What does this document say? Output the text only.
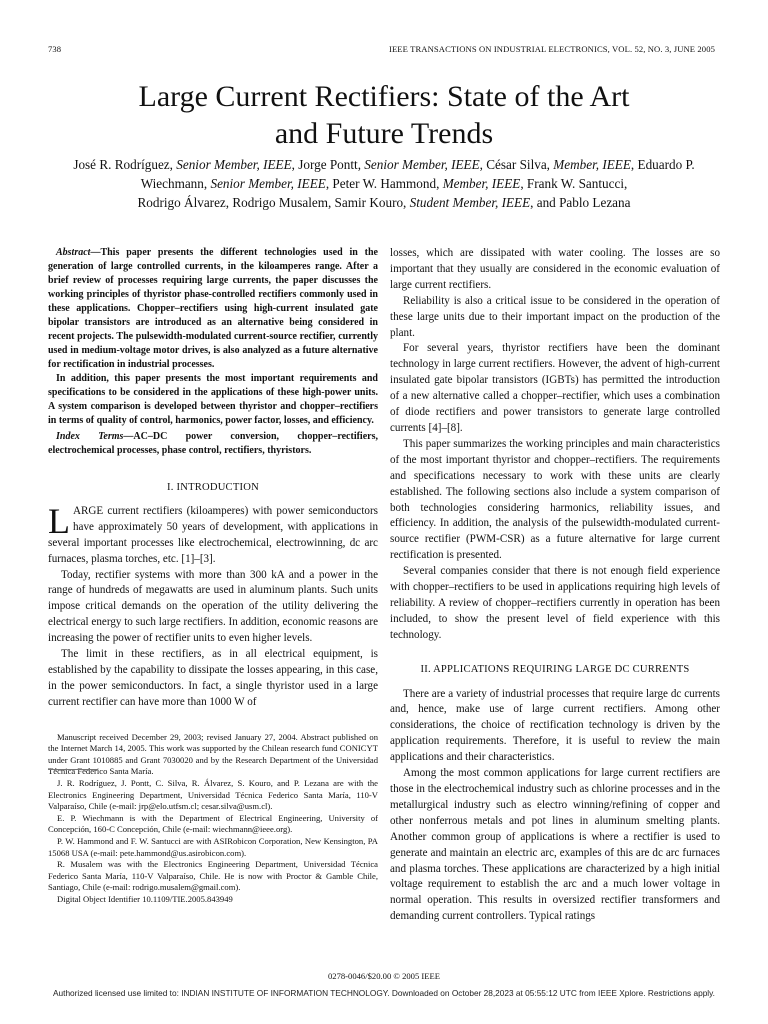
738	IEEE TRANSACTIONS ON INDUSTRIAL ELECTRONICS, VOL. 52, NO. 3, JUNE 2005
Large Current Rectifiers: State of the Art
and Future Trends
José R. Rodríguez, Senior Member, IEEE, Jorge Pontt, Senior Member, IEEE, César Silva, Member, IEEE, Eduardo P. Wiechmann, Senior Member, IEEE, Peter W. Hammond, Member, IEEE, Frank W. Santucci,
Rodrigo Álvarez, Rodrigo Musalem, Samir Kouro, Student Member, IEEE, and Pablo Lezana

Abstract—This paper presents the different technologies used in the generation of large controlled currents, in the kiloamperes range. After a brief review of processes requiring large currents, the paper discusses the working principles of thyristor phase-controlled rectifiers commonly used in these applications. Chopper–rectifiers using high-current insulated gate bipolar transistors are introduced as an alternative being considered in recent projects. The pulsewidth-modulated current-source rectifier, currently used in medium-voltage motor drives, is also analyzed as a future alternative for rectification in industrial processes.

In addition, this paper presents the most important requirements and specifications to be considered in the applications of these high-power units. A system comparison is developed between thyristor and chopper–rectifiers in terms of quality of control, harmonics, power factor, losses, and efficiency.

Index Terms—AC–DC power conversion, chopper–rectifiers, electrochemical processes, phase control, rectifiers, thyristors.

I. INTRODUCTION

LARGE current rectifiers (kiloamperes) with power semiconductors have approximately 50 years of development, with applications in several important processes like electrochemical, electrowinning, dc arc furnaces, plasma torches, etc. [1]–[3].

Today, rectifier systems with more than 300 kA and a power in the range of hundreds of megawatts are used in aluminum plants. Such units impose critical demands on the operation of the utility delivering the electrical energy to such large rectifiers. In addition, economic reasons are increasing the power of rectifier units to even higher levels.

The limit in these rectifiers, as in all electrical equipment, is established by the capability to dissipate the losses appearing, in this case, in the power semiconductors. In fact, a single thyristor used in a large current rectifier can have more than 1000 W of

Manuscript received December 29, 2003; revised January 27, 2004. Abstract published on the Internet March 14, 2005. This work was supported by the Chilean research fund CONICYT under Grant 1010885 and Grant 7030020 and by the Research Department of the Universidad Técnica Federico Santa María.

J. R. Rodríguez, J. Pontt, C. Silva, R. Álvarez, S. Kouro, and P. Lezana are with the Electronics Engineering Department, Universidad Técnica Federico Santa María, 110-V Valparaíso, Chile (e-mail: jrp@elo.utfsm.cl; cesar.silva@usm.cl).

E. P. Wiechmann is with the Department of Electrical Engineering, University of Concepción, 160-C Concepción, Chile (e-mail: wiechmann@ieee.org).

P. W. Hammond and F. W. Santucci are with ASIRobicon Corporation, New Kensington, PA 15068 USA (e-mail: pete.hammond@us.asirobicon.com).

R. Musalem was with the Electronics Engineering Department, Universidad Técnica Federico Santa María, 110-V Valparaíso, Chile. He is now with Proctor & Gamble Chile, Santiago, Chile (e-mail: rodrigo.musalem@gmail.com).

Digital Object Identifier 10.1109/TIE.2005.843949

losses, which are dissipated with water cooling. The losses are so important that they usually are considered in the economic evaluation of large current rectifiers.

Reliability is also a critical issue to be considered in the operation of these large units due to their important impact on the production of the plant.

For several years, thyristor rectifiers have been the dominant technology in large current rectifiers. However, the advent of high-current insulated gate bipolar transistors (IGBTs) has permitted the introduction of a new alternative called a chopper–rectifier, which uses a combination of diode rectifiers and power transistors to generate large controlled currents [4]–[8].

This paper summarizes the working principles and main characteristics of the most important thyristor and chopper–rectifiers. The requirements and specifications necessary to work with these units are clearly established. The following sections also include a system comparison of both technologies considering harmonics, reliability issues, and efficiency. In addition, the analysis of the pulsewidth-modulated current-source rectifier (PWM-CSR) as a future alternative for large current rectification is presented.

Several companies consider that there is not enough field experience with chopper–rectifiers to be used in applications requiring high levels of reliability. A review of chopper–rectifiers currently in operation has been included, to show the present level of field experience with this technology.

II. APPLICATIONS REQUIRING LARGE DC CURRENTS

There are a variety of industrial processes that require large dc currents and, hence, make use of large current rectifiers. Among other considerations, the choice of rectification technology is driven by the application requirements. Therefore, it is useful to review the main applications and their characteristics.

Among the most common applications for large current rectifiers are those in the electrochemical industry such as chlorine processes and in the metallurgical industry such as electro winning/refining of copper and other nonferrous metals and pot lines in aluminum smelting plants. Another common group of applications is where a rectifier is used to generate and maintain an electric arc, examples of this are dc arc furnaces and plasma torches. These applications are characterized by a high initial voltage requirement to establish the arc and a much lower voltage in normal operation. This results in oversized rectifier transformers and demanding current controllers. Typical ratings

0278-0046/$20.00 © 2005 IEEE
Authorized licensed use limited to: INDIAN INSTITUTE OF INFORMATION TECHNOLOGY. Downloaded on October 28,2023 at 05:55:12 UTC from IEEE Xplore. Restrictions apply.
